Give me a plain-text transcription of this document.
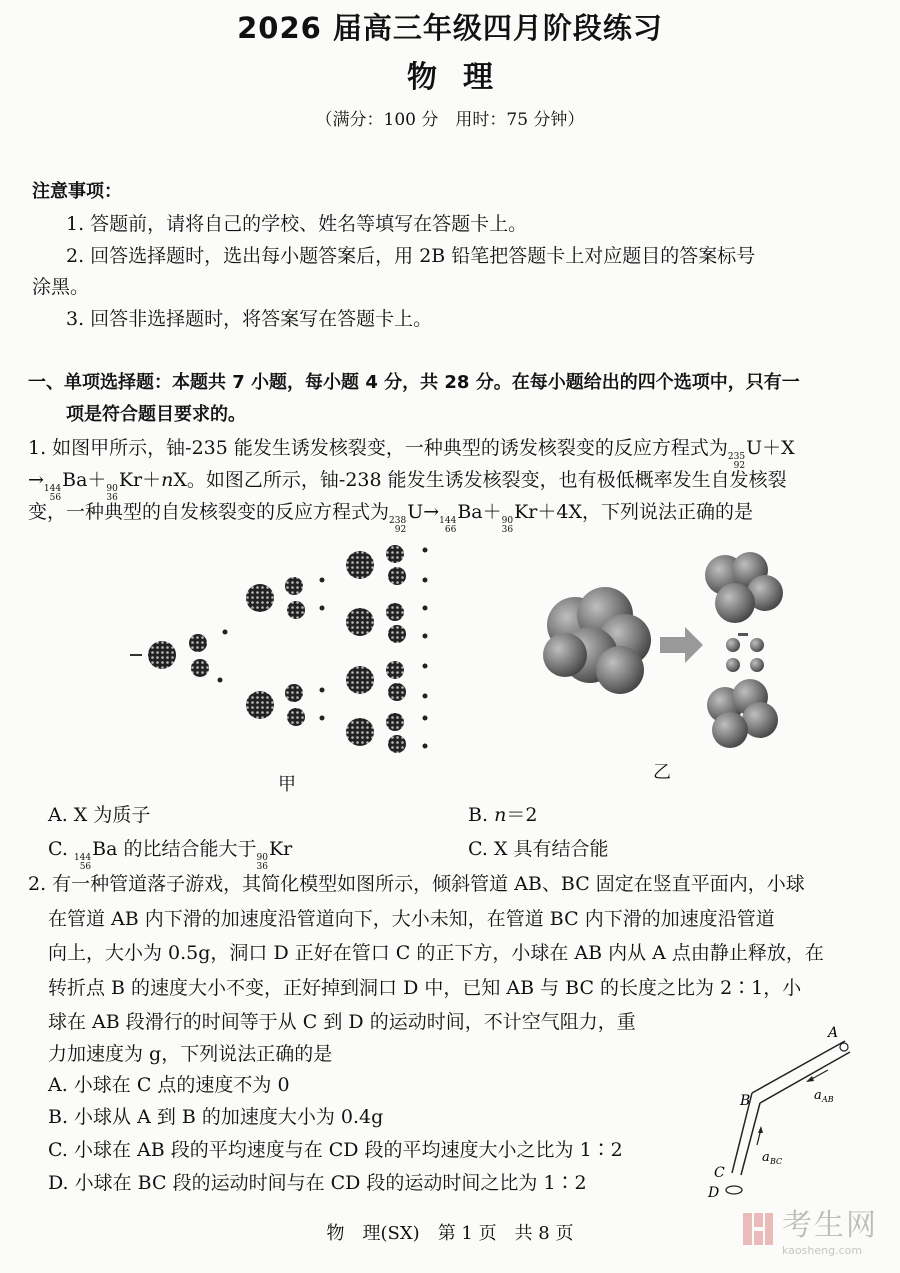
2026 届高三年级四月阶段练习
物理
（满分：100 分　用时：75 分钟）
注意事项：
1. 答题前，请将自己的学校、姓名等填写在答题卡上。
2. 回答选择题时，选出每小题答案后，用 2B 铅笔把答题卡上对应题目的答案标号
涂黑。
3. 回答非选择题时，将答案写在答题卡上。
一、单项选择题：本题共 7 小题，每小题 4 分，共 28 分。在每小题给出的四个选项中，只有一
项是符合题目要求的。
1. 如图甲所示，铀-235 能发生诱发核裂变，一种典型的诱发核裂变的反应方程式为 235
92
U＋X
→ 144
56
Ba＋ 90
36
Kr＋nX。如图乙所示，铀-238 能发生诱发核裂变，也有极低概率发生自发核裂
变，一种典型的自发核裂变的反应方程式为 238
92
U→ 144
66
Ba＋ 90
36
Kr＋4X，下列说法正确的是
甲
乙
A. X 为质子	B. n＝2
C. 144
56
Ba 的比结合能大于 90
36
Kr	C. X 具有结合能
2. 有一种管道落子游戏，其简化模型如图所示，倾斜管道 AB、BC 固定在竖直平面内，小球
在管道 AB 内下滑的加速度沿管道向下，大小未知，在管道 BC 内下滑的加速度沿管道
向上，大小为 0.5g，洞口 D 正好在管口 C 的正下方，小球在 AB 内从 A 点由静止释放，在
转折点 B 的速度大小不变，正好掉到洞口 D 中，已知 AB 与 BC 的长度之比为 2∶1，小
球在 AB 段滑行的时间等于从 C 到 D 的运动时间，不计空气阻力，重
力加速度为 g，下列说法正确的是
A. 小球在 C 点的速度不为 0
B. 小球从 A 到 B 的加速度大小为 0.4g
C. 小球在 AB 段的平均速度与在 CD 段的平均速度大小之比为 1∶2
D. 小球在 BC 段的运动时间与在 CD 段的运动时间之比为 1∶2
A
B
C
D
a AB
a BC
物　理(SX)　第 1 页　共 8 页	考生网
kaosheng.com
